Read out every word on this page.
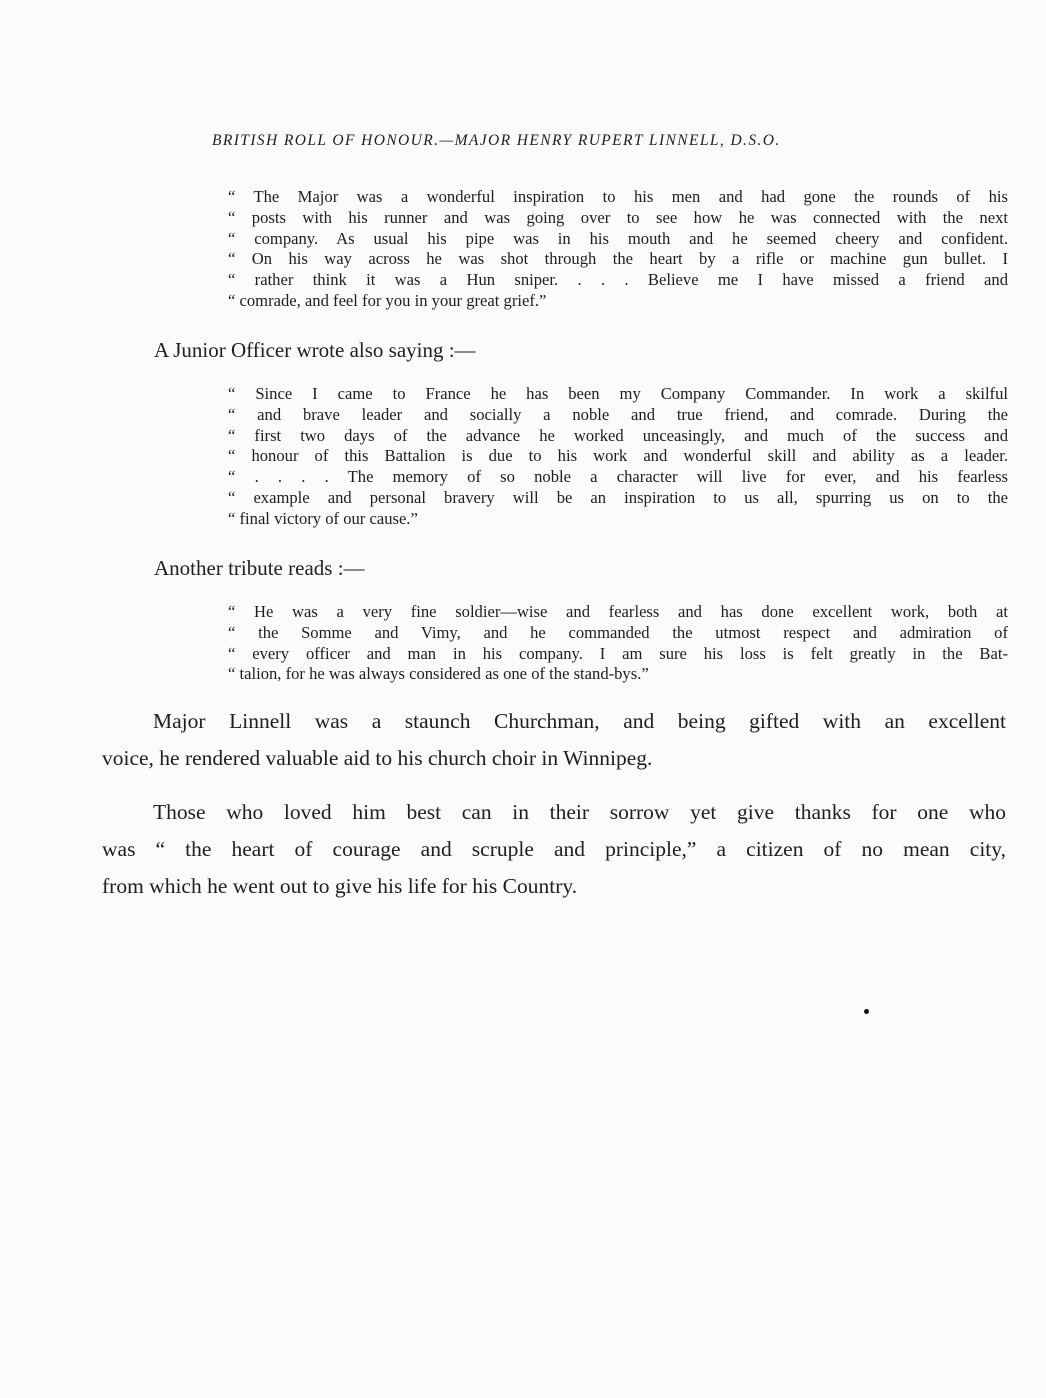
BRITISH ROLL OF HONOUR.—MAJOR HENRY RUPERT LINNELL, D.S.O.
“ The Major was a wonderful inspiration to his men and had gone the rounds of his
“ posts with his runner and was going over to see how he was connected with the next
“ company. As usual his pipe was in his mouth and he seemed cheery and confident.
“ On his way across he was shot through the heart by a rifle or machine gun bullet. I
“ rather think it was a Hun sniper. . . . Believe me I have missed a friend and
“ comrade, and feel for you in your great grief.”
A Junior Officer wrote also saying :—
“ Since I came to France he has been my Company Commander. In work a skilful
“ and brave leader and socially a noble and true friend, and comrade. During the
“ first two days of the advance he worked unceasingly, and much of the success and
“ honour of this Battalion is due to his work and wonderful skill and ability as a leader.
“ . . . . The memory of so noble a character will live for ever, and his fearless
“ example and personal bravery will be an inspiration to us all, spurring us on to the
“ final victory of our cause.”
Another tribute reads :—
“ He was a very fine soldier—wise and fearless and has done excellent work, both at
“ the Somme and Vimy, and he commanded the utmost respect and admiration of
“ every officer and man in his company. I am sure his loss is felt greatly in the Bat-
“ talion, for he was always considered as one of the stand-bys.”
Major Linnell was a staunch Churchman, and being gifted with an excellent
voice, he rendered valuable aid to his church choir in Winnipeg.
Those who loved him best can in their sorrow yet give thanks for one who
was “ the heart of courage and scruple and principle,” a citizen of no mean city,
from which he went out to give his life for his Country.
